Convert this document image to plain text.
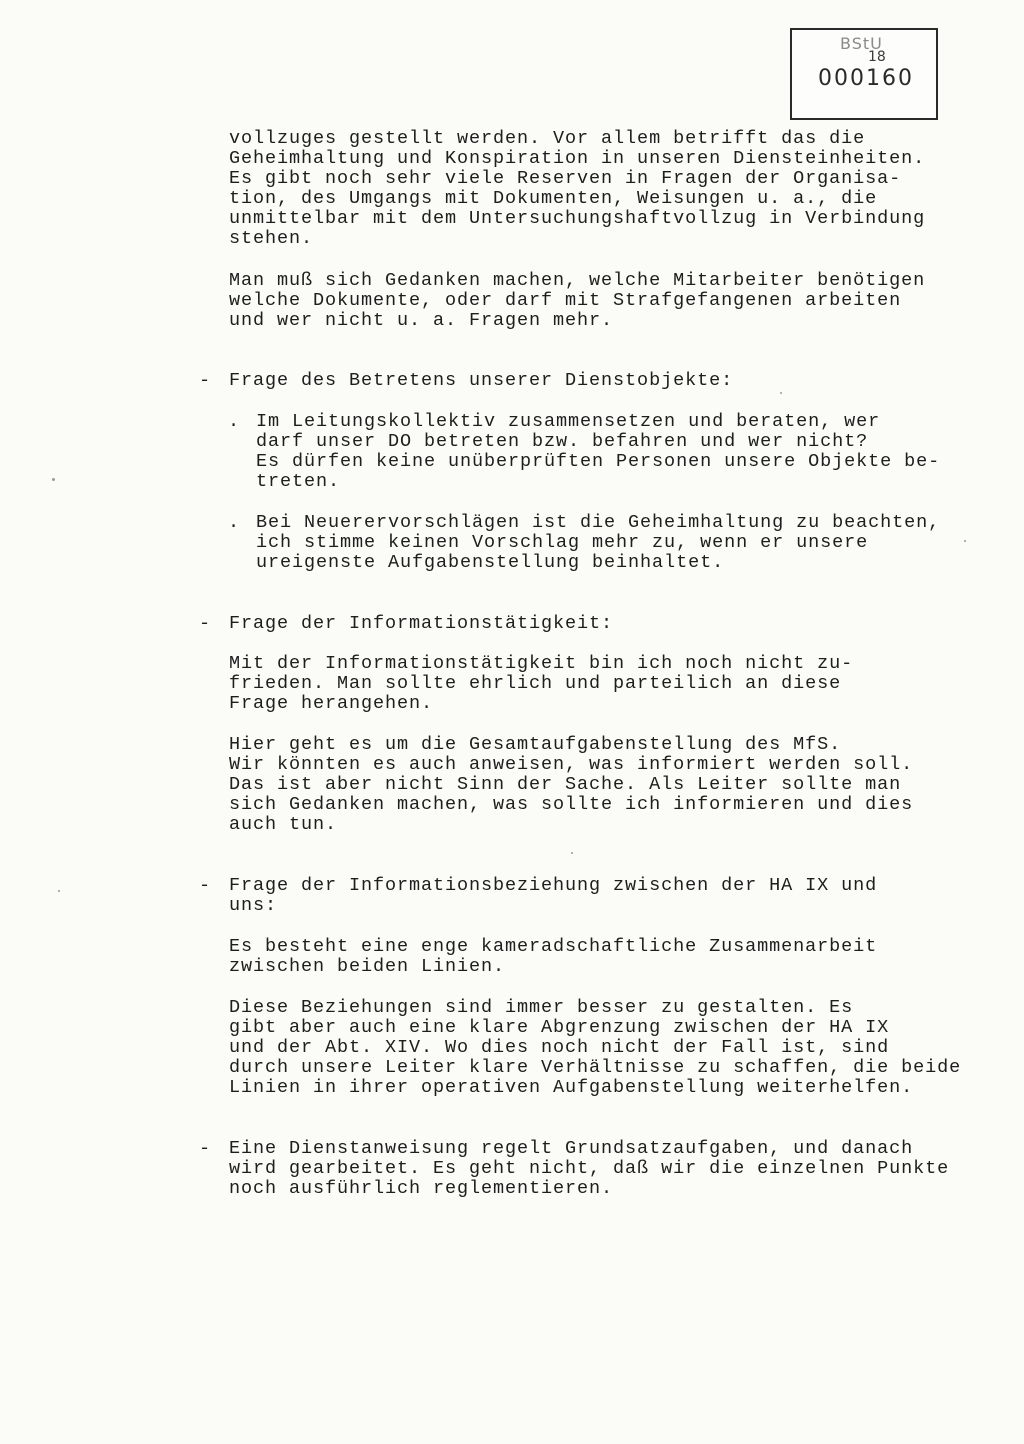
BStU
18
000160
vollzuges gestellt werden. Vor allem betrifft das die
Geheimhaltung und Konspiration in unseren Diensteinheiten.
Es gibt noch sehr viele Reserven in Fragen der Organisa-
tion, des Umgangs mit Dokumenten, Weisungen u. a., die
unmittelbar mit dem Untersuchungshaftvollzug in Verbindung
stehen.
Man muß sich Gedanken machen, welche Mitarbeiter benötigen
welche Dokumente, oder darf mit Strafgefangenen arbeiten
und wer nicht u. a. Fragen mehr.
- Frage des Betretens unserer Dienstobjekte:
. Im Leitungskollektiv zusammensetzen und beraten, wer
darf unser DO betreten bzw. befahren und wer nicht?
Es dürfen keine unüberprüften Personen unsere Objekte be-
treten.
. Bei Neuerervorschlägen ist die Geheimhaltung zu beachten,
ich stimme keinen Vorschlag mehr zu, wenn er unsere
ureigenste Aufgabenstellung beinhaltet.
- Frage der Informationstätigkeit:
Mit der Informationstätigkeit bin ich noch nicht zu-
frieden. Man sollte ehrlich und parteilich an diese
Frage herangehen.
Hier geht es um die Gesamtaufgabenstellung des MfS.
Wir könnten es auch anweisen, was informiert werden soll.
Das ist aber nicht Sinn der Sache. Als Leiter sollte man
sich Gedanken machen, was sollte ich informieren und dies
auch tun.
- Frage der Informationsbeziehung zwischen der HA IX und
uns:
Es besteht eine enge kameradschaftliche Zusammenarbeit
zwischen beiden Linien.
Diese Beziehungen sind immer besser zu gestalten. Es
gibt aber auch eine klare Abgrenzung zwischen der HA IX
und der Abt. XIV. Wo dies noch nicht der Fall ist, sind
durch unsere Leiter klare Verhältnisse zu schaffen, die beide
Linien in ihrer operativen Aufgabenstellung weiterhelfen.
- Eine Dienstanweisung regelt Grundsatzaufgaben, und danach
wird gearbeitet. Es geht nicht, daß wir die einzelnen Punkte
noch ausführlich reglementieren.
